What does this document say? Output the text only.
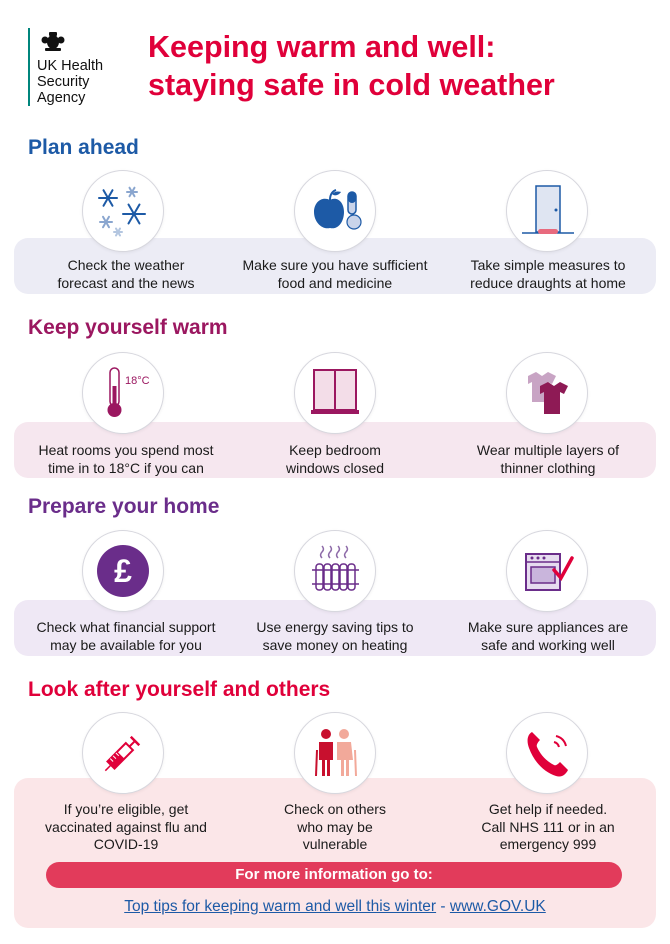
UK Health
Security
Agency
Keeping warm and well:
staying safe in cold weather
Plan ahead
Check the weather
forecast and the news
Make sure you have sufficient
food and medicine
Take simple measures to
reduce draughts at home
Keep yourself warm
18°C
Heat rooms you spend most
time in to 18°C if you can
Keep bedroom
windows closed
Wear multiple layers of
thinner clothing
Prepare your home
£
Check what financial support
may be available for you
Use energy saving tips to
save money on heating
Make sure appliances are
safe and working well
Look after yourself and others
If you’re eligible, get
vaccinated against flu and
COVID-19
Check on others
who may be
vulnerable
Get help if needed.
Call NHS 111 or in an
emergency 999
For more information go to:
Top tips for keeping warm and well this winter - www.GOV.UK
